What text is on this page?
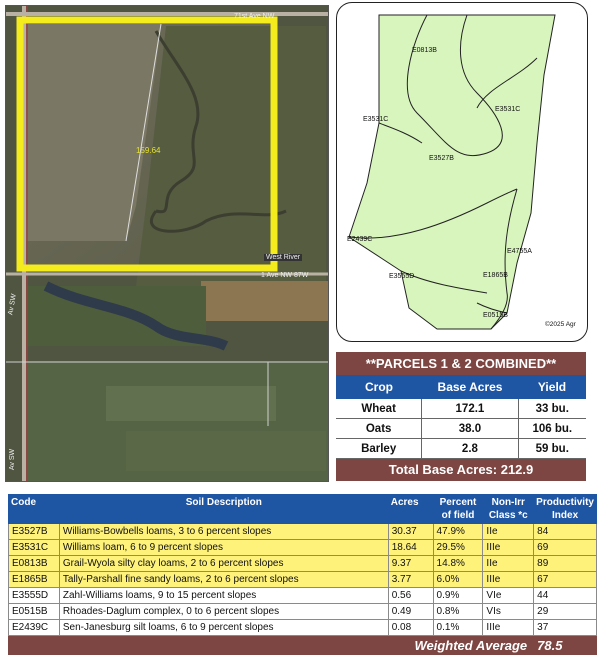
159.64
71st Ave NW
West River
1 Ave NW 87W
Av SW
Av SW
E0813B
E3531C
E3531C
E3527B
E2439C
E4755A
E1865B
E3555D
E0515B
©2025 Agr
**PARCELS 1 & 2 COMBINED**
Crop	Base Acres	Yield
Wheat	172.1	33 bu.
Oats	38.0	106 bu.
Barley	2.8	59 bu.
Total Base Acres: 212.9
Code	Soil Description	Acres	Percent of field	Non-Irr Class *c	Productivity Index
E3527B	Williams-Bowbells loams, 3 to 6 percent slopes	30.37	47.9%	IIe	84
E3531C	Williams loam, 6 to 9 percent slopes	18.64	29.5%	IIIe	69
E0813B	Grail-Wyola silty clay loams, 2 to 6 percent slopes	9.37	14.8%	IIe	89
E1865B	Tally-Parshall fine sandy loams, 2 to 6 percent slopes	3.77	6.0%	IIIe	67
E3555D	Zahl-Williams loams, 9 to 15 percent slopes	0.56	0.9%	VIe	44
E0515B	Rhoades-Daglum complex, 0 to 6 percent slopes	0.49	0.8%	VIs	29
E2439C	Sen-Janesburg silt loams, 6 to 9 percent slopes	0.08	0.1%	IIIe	37
Weighted Average					78.5
